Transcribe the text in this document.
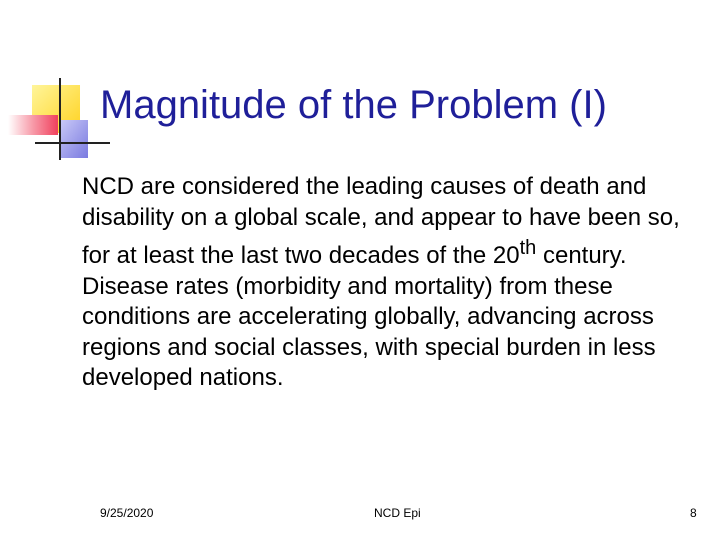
Magnitude of the Problem (I)

NCD are considered the leading causes of death and disability on a global scale, and appear to have been so, for at least the last two decades of the 20th century. Disease rates (morbidity and mortality) from these conditions are accelerating globally, advancing across regions and social classes, with special burden in less developed nations.

9/25/2020	NCD Epi	8
